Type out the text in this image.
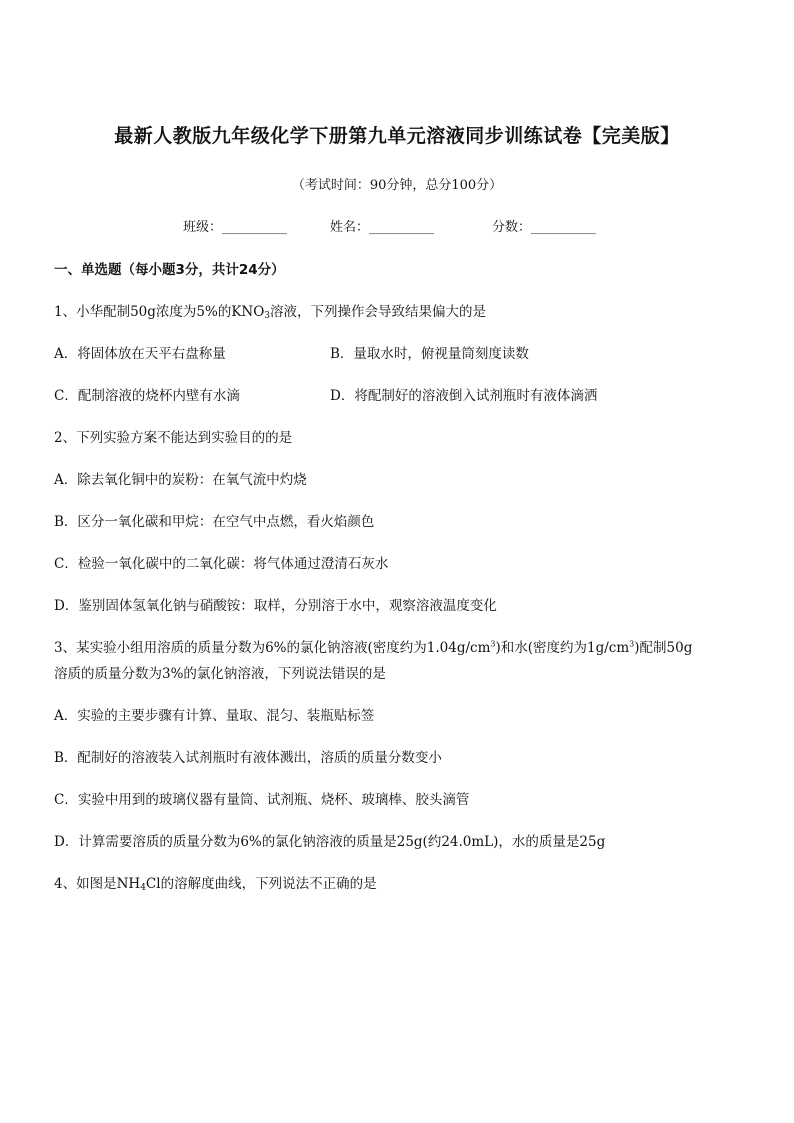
最新人教版九年级化学下册第九单元溶液同步训练试卷【完美版】
（考试时间：90分钟，总分100分）
班级：__________	姓名：__________	分数：__________
一、单选题（每小题3分，共计24分）
1、小华配制50g浓度为5%的$KNO_3$溶液，下列操作会导致结果偏大的是
A．将固体放在天平右盘称量	B．量取水时，俯视量筒刻度读数
C．配制溶液的烧杯内壁有水滴	D．将配制好的溶液倒入试剂瓶时有液体滴洒
2、下列实验方案不能达到实验目的的是
A．除去氧化铜中的炭粉：在氧气流中灼烧
B．区分一氧化碳和甲烷：在空气中点燃，看火焰颜色
C．检验一氧化碳中的二氧化碳：将气体通过澄清石灰水
D．鉴别固体氢氧化钠与硝酸铵：取样，分别溶于水中，观察溶液温度变化
3、某实验小组用溶质的质量分数为6%的氯化钠溶液(密度约为$1.04g/cm^3$)和水(密度约为$1g/cm^3$)配制50g
溶质的质量分数为3%的氯化钠溶液，下列说法错误的是
A．实验的主要步骤有计算、量取、混匀、装瓶贴标签
B．配制好的溶液装入试剂瓶时有液体溅出，溶质的质量分数变小
C．实验中用到的玻璃仪器有量筒、试剂瓶、烧杯、玻璃棒、胶头滴管
D．计算需要溶质的质量分数为6%的氯化钠溶液的质量是25g(约24.0mL)，水的质量是25g
4、如图是$NH_4Cl$的溶解度曲线，下列说法不正确的是
